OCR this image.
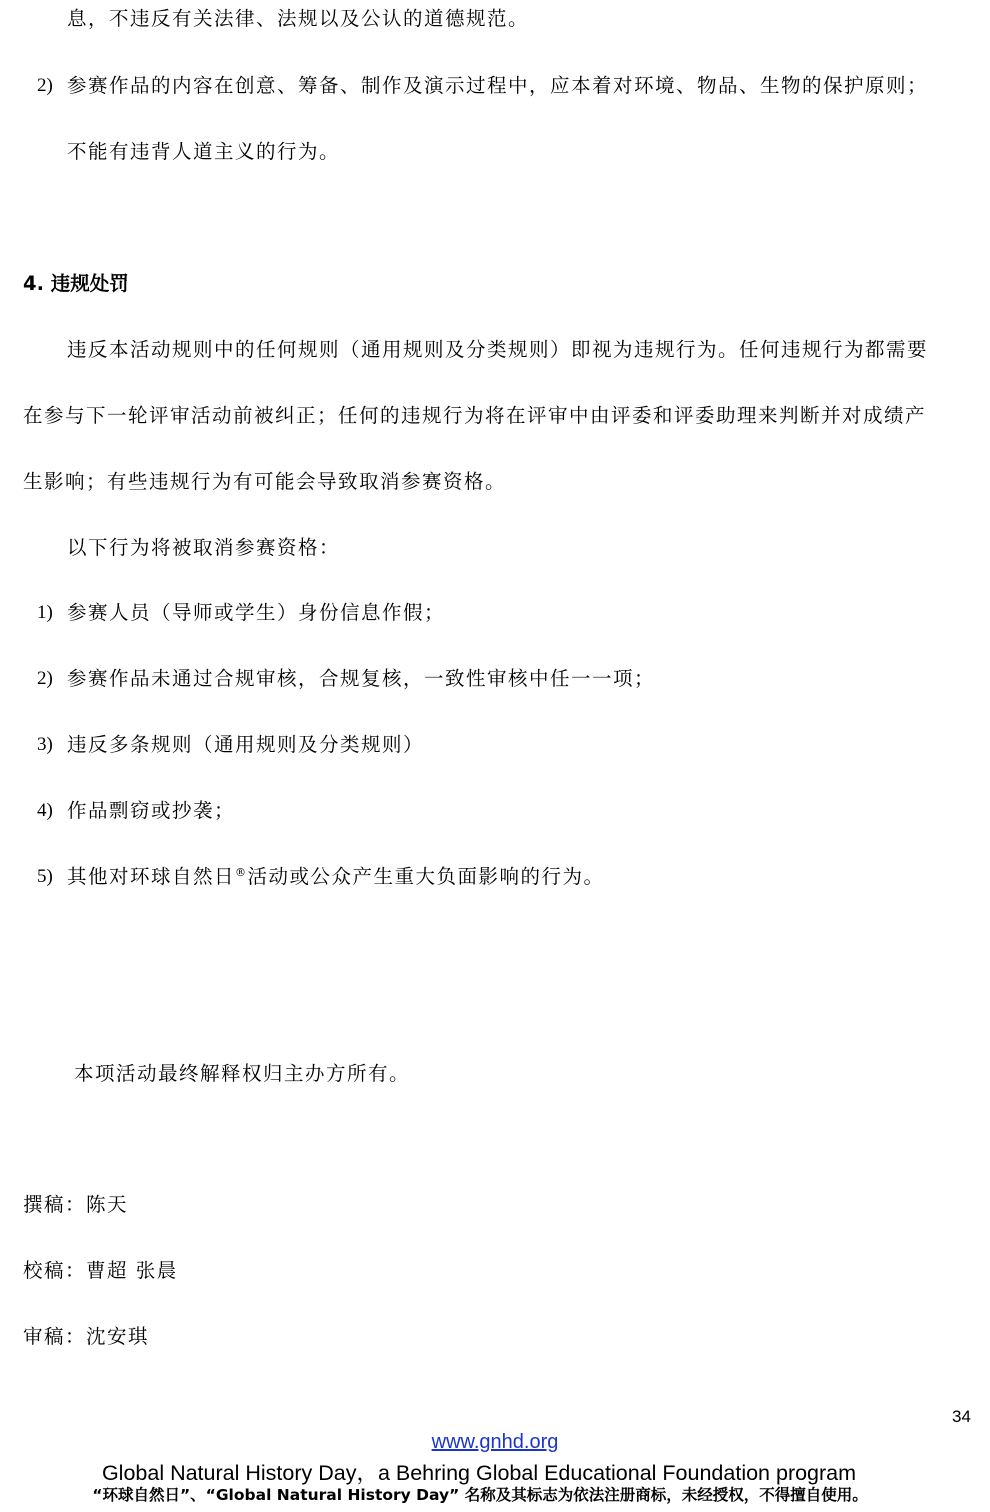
息，不违反有关法律、法规以及公认的道德规范。
2) 参赛作品的内容在创意、筹备、制作及演示过程中，应本着对环境、物品、生物的保护原则；
不能有违背人道主义的行为。
4. 违规处罚
违反本活动规则中的任何规则（通用规则及分类规则）即视为违规行为。任何违规行为都需要
在参与下一轮评审活动前被纠正；任何的违规行为将在评审中由评委和评委助理来判断并对成绩产
生影响；有些违规行为有可能会导致取消参赛资格。
以下行为将被取消参赛资格：
1) 参赛人员（导师或学生）身份信息作假；
2) 参赛作品未通过合规审核，合规复核，一致性审核中任一一项；
3) 违反多条规则（通用规则及分类规则）
4) 作品剽窃或抄袭；
5) 其他对环球自然日®活动或公众产生重大负面影响的行为。
本项活动最终解释权归主办方所有。
撰稿：陈天
校稿：曹超 张晨
审稿：沈安琪
34
www.gnhd.org
Global Natural History Day，a Behring Global Educational Foundation program
“环球自然日”、“Global Natural History Day” 名称及其标志为依法注册商标，未经授权，不得擅自使用。
